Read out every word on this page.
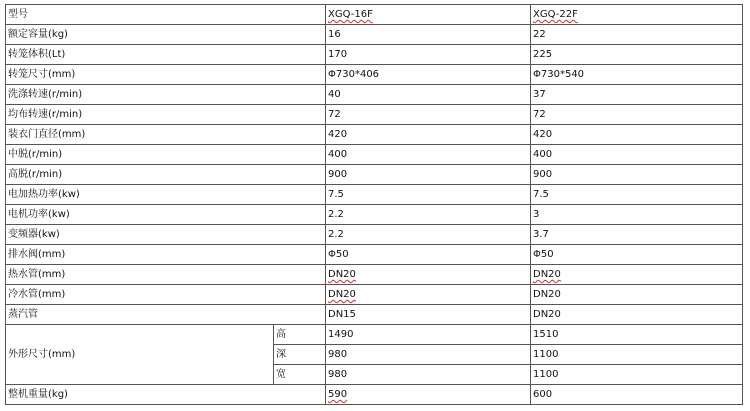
型号		XGQ-16F	XGQ-22F
额定容量(kg)		16	22
转笼体积(Lt)		170	225
转笼尺寸(mm)		Φ730*406	Φ730*540
洗涤转速(r/min)		40	37
均布转速(r/min)		72	72
装衣门直径(mm)		420	420
中脱(r/min)		400	400
高脱(r/min)		900	900
电加热功率(kw)		7.5	7.5
电机功率(kw)		2.2	3
变频器(kw)		2.2	3.7
排水阀(mm)		Φ50	Φ50
热水管(mm)		DN20	DN20
冷水管(mm)		DN20	DN20
蒸汽管		DN15	DN20
外形尺寸(mm)	高	1490	1510
	深	980	1100
	宽	980	1100
整机重量(kg)		590	600
